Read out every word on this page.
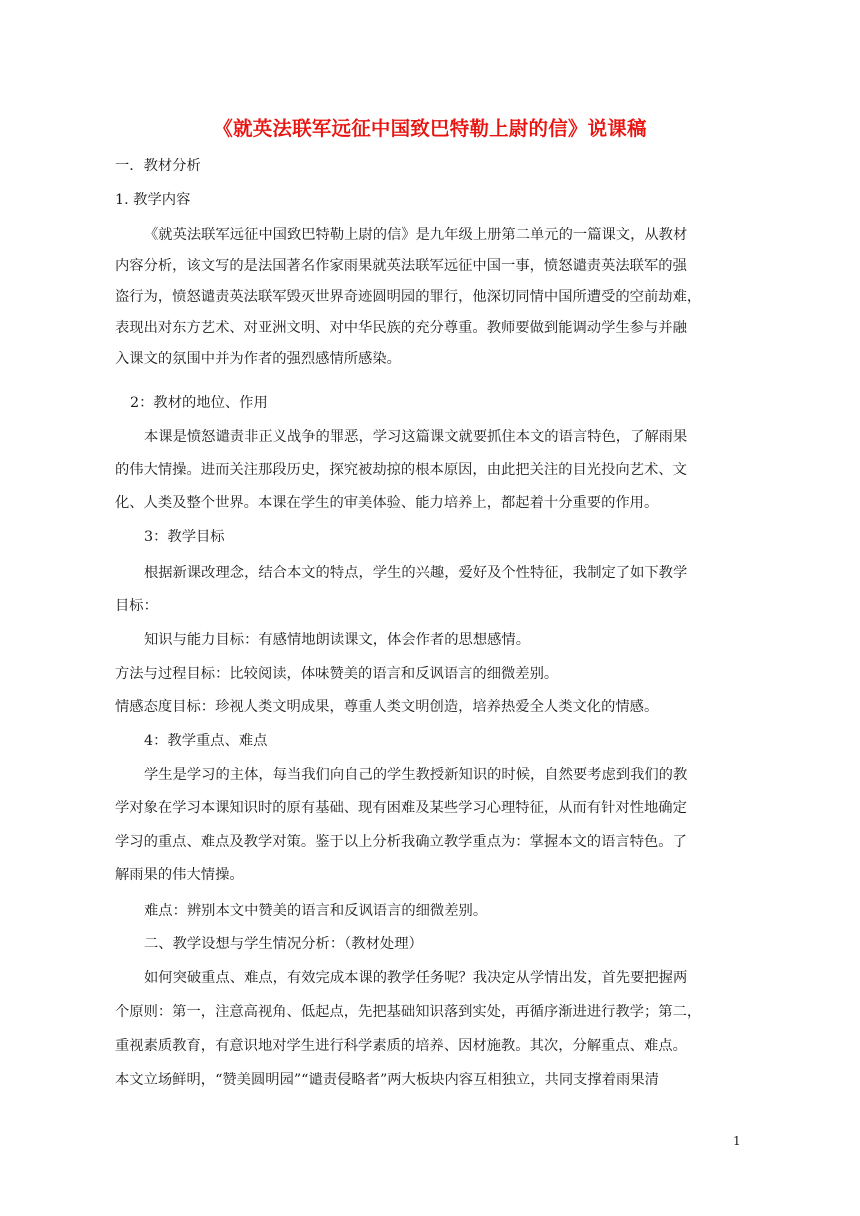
《就英法联军远征中国致巴特勒上尉的信》说课稿
一．教材分析
1. 教学内容
《就英法联军远征中国致巴特勒上尉的信》是九年级上册第二单元的一篇课文，从教材
内容分析，该文写的是法国著名作家雨果就英法联军远征中国一事，愤怒谴责英法联军的强
盗行为，愤怒谴责英法联军毁灭世界奇迹圆明园的罪行，他深切同情中国所遭受的空前劫难，
表现出对东方艺术、对亚洲文明、对中华民族的充分尊重。教师要做到能调动学生参与并融
入课文的氛围中并为作者的强烈感情所感染。
2：教材的地位、作用
本课是愤怒谴责非正义战争的罪恶，学习这篇课文就要抓住本文的语言特色，了解雨果
的伟大情操。进而关注那段历史，探究被劫掠的根本原因，由此把关注的目光投向艺术、文
化、人类及整个世界。本课在学生的审美体验、能力培养上，都起着十分重要的作用。
3：教学目标
根据新课改理念，结合本文的特点，学生的兴趣，爱好及个性特征，我制定了如下教学
目标：
知识与能力目标：有感情地朗读课文，体会作者的思想感情。
方法与过程目标：比较阅读，体味赞美的语言和反讽语言的细微差别。
情感态度目标：珍视人类文明成果，尊重人类文明创造，培养热爱全人类文化的情感。
4：教学重点、难点
学生是学习的主体，每当我们向自己的学生教授新知识的时候，自然要考虑到我们的教
学对象在学习本课知识时的原有基础、现有困难及某些学习心理特征，从而有针对性地确定
学习的重点、难点及教学对策。鉴于以上分析我确立教学重点为：掌握本文的语言特色。了
解雨果的伟大情操。
难点：辨别本文中赞美的语言和反讽语言的细微差别。
二、教学设想与学生情况分析：（教材处理）
如何突破重点、难点，有效完成本课的教学任务呢？我决定从学情出发，首先要把握两
个原则：第一，注意高视角、低起点，先把基础知识落到实处，再循序渐进进行教学；第二，
重视素质教育，有意识地对学生进行科学素质的培养、因材施教。其次，分解重点、难点。
本文立场鲜明，“赞美圆明园”“谴责侵略者”两大板块内容互相独立，共同支撑着雨果清
1
